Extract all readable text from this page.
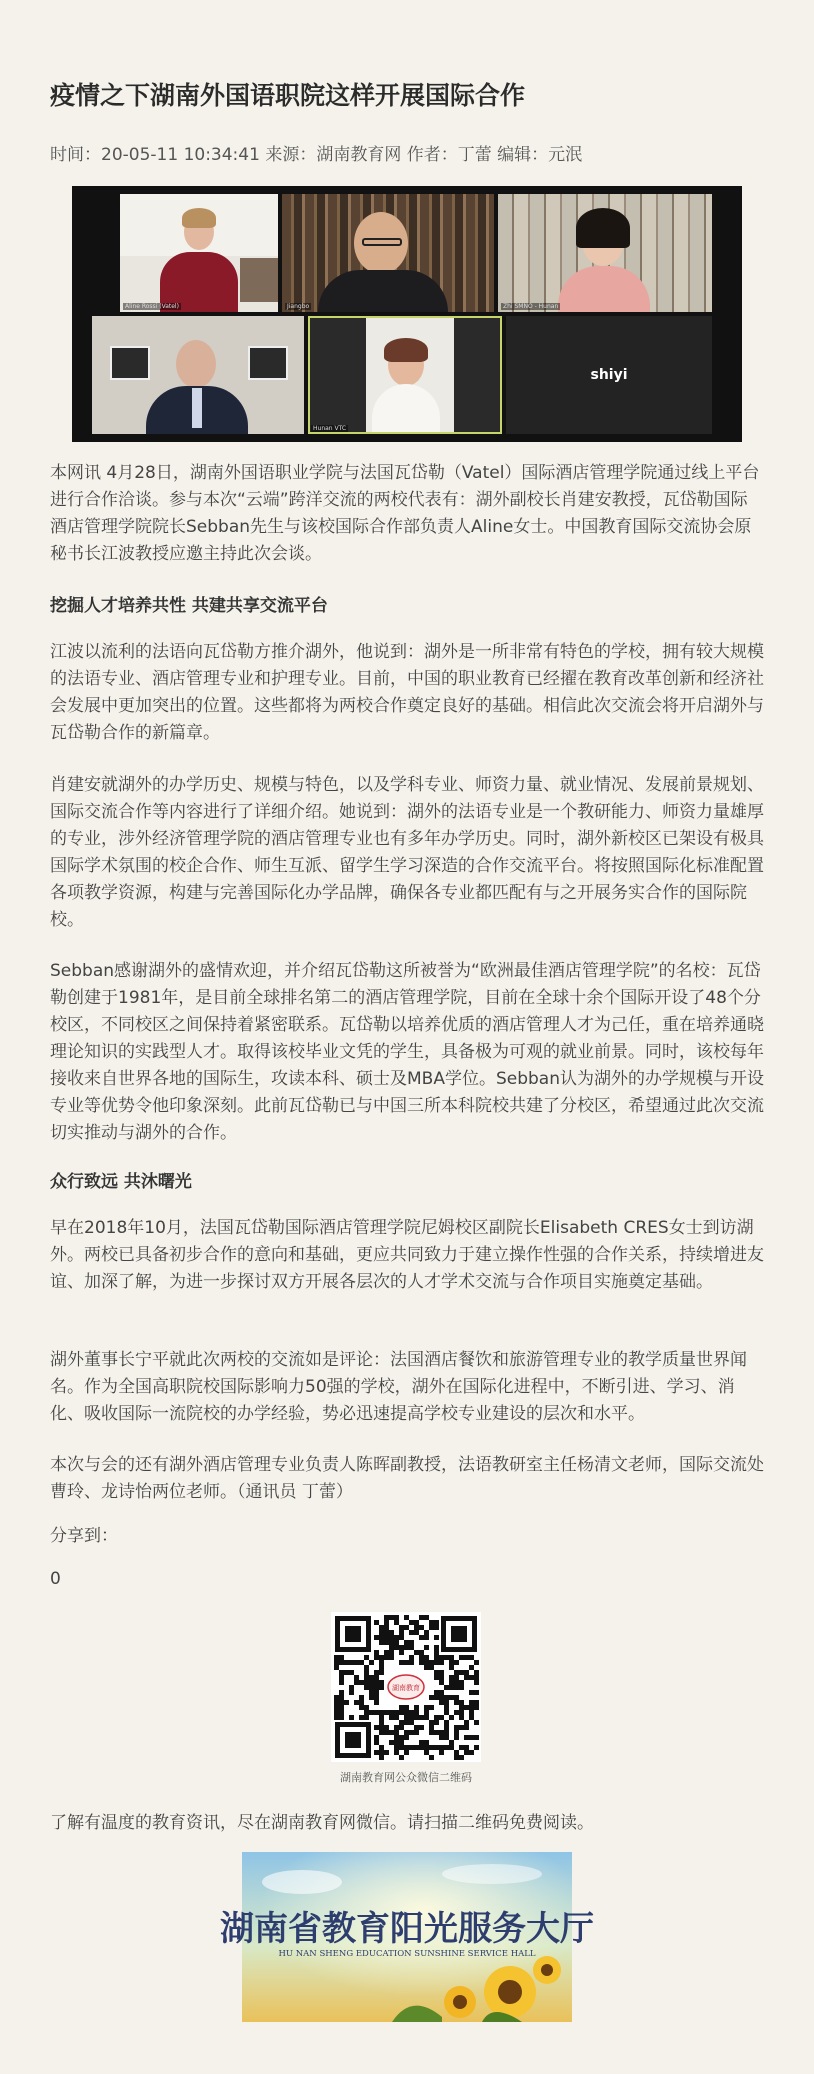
疫情之下湖南外国语职院这样开展国际合作
时间：20-05-11 10:34:41 来源：湖南教育网 作者：丁蕾 编辑：元泯
Aline Rossi (Vatel)	Jiangbo	Zhi SMNO - Hunan
Hunan VTC
shiyi

本网讯 4月28日，湖南外国语职业学院与法国瓦岱勒（Vatel）国际酒店管理学院通过线上平台进行合作洽谈。参与本次“云端”跨洋交流的两校代表有：湖外副校长肖建安教授，瓦岱勒国际酒店管理学院院长Sebban先生与该校国际合作部负责人Aline女士。中国教育国际交流协会原秘书长江波教授应邀主持此次会谈。

挖掘人才培养共性 共建共享交流平台

江波以流利的法语向瓦岱勒方推介湖外，他说到：湖外是一所非常有特色的学校，拥有较大规模的法语专业、酒店管理专业和护理专业。目前，中国的职业教育已经擢在教育改革创新和经济社会发展中更加突出的位置。这些都将为两校合作奠定良好的基础。相信此次交流会将开启湖外与瓦岱勒合作的新篇章。

肖建安就湖外的办学历史、规模与特色，以及学科专业、师资力量、就业情况、发展前景规划、国际交流合作等内容进行了详细介绍。她说到：湖外的法语专业是一个教研能力、师资力量雄厚的专业，涉外经济管理学院的酒店管理专业也有多年办学历史。同时，湖外新校区已架设有极具国际学术氛围的校企合作、师生互派、留学生学习深造的合作交流平台。将按照国际化标准配置各项教学资源，构建与完善国际化办学品牌，确保各专业都匹配有与之开展务实合作的国际院校。

Sebban感谢湖外的盛情欢迎，并介绍瓦岱勒这所被誉为“欧洲最佳酒店管理学院”的名校：瓦岱勒创建于1981年，是目前全球排名第二的酒店管理学院，目前在全球十余个国际开设了48个分校区，不同校区之间保持着紧密联系。瓦岱勒以培养优质的酒店管理人才为己任，重在培养通晓理论知识的实践型人才。取得该校毕业文凭的学生，具备极为可观的就业前景。同时，该校每年接收来自世界各地的国际生，攻读本科、硕士及MBA学位。Sebban认为湖外的办学规模与开设专业等优势令他印象深刻。此前瓦岱勒已与中国三所本科院校共建了分校区，希望通过此次交流切实推动与湖外的合作。

众行致远 共沐曙光

早在2018年10月，法国瓦岱勒国际酒店管理学院尼姆校区副院长Elisabeth CRES女士到访湖外。两校已具备初步合作的意向和基础，更应共同致力于建立操作性强的合作关系，持续增进友谊、加深了解，为进一步探讨双方开展各层次的人才学术交流与合作项目实施奠定基础。

湖外董事长宁平就此次两校的交流如是评论：法国酒店餐饮和旅游管理专业的教学质量世界闻名。作为全国高职院校国际影响力50强的学校，湖外在国际化进程中，不断引进、学习、消化、吸收国际一流院校的办学经验，势必迅速提高学校专业建设的层次和水平。

本次与会的还有湖外酒店管理专业负责人陈晖副教授，法语教研室主任杨清文老师，国际交流处曹玲、龙诗怡两位老师。（通讯员 丁蕾）

分享到：

0

了解有温度的教育资讯，尽在湖南教育网微信。请扫描二维码免费阅读。

湖南教育
湖南教育网公众微信二维码
湖南省教育阳光服务大厅
HU NAN SHENG EDUCATION SUNSHINE SERVICE HALL
